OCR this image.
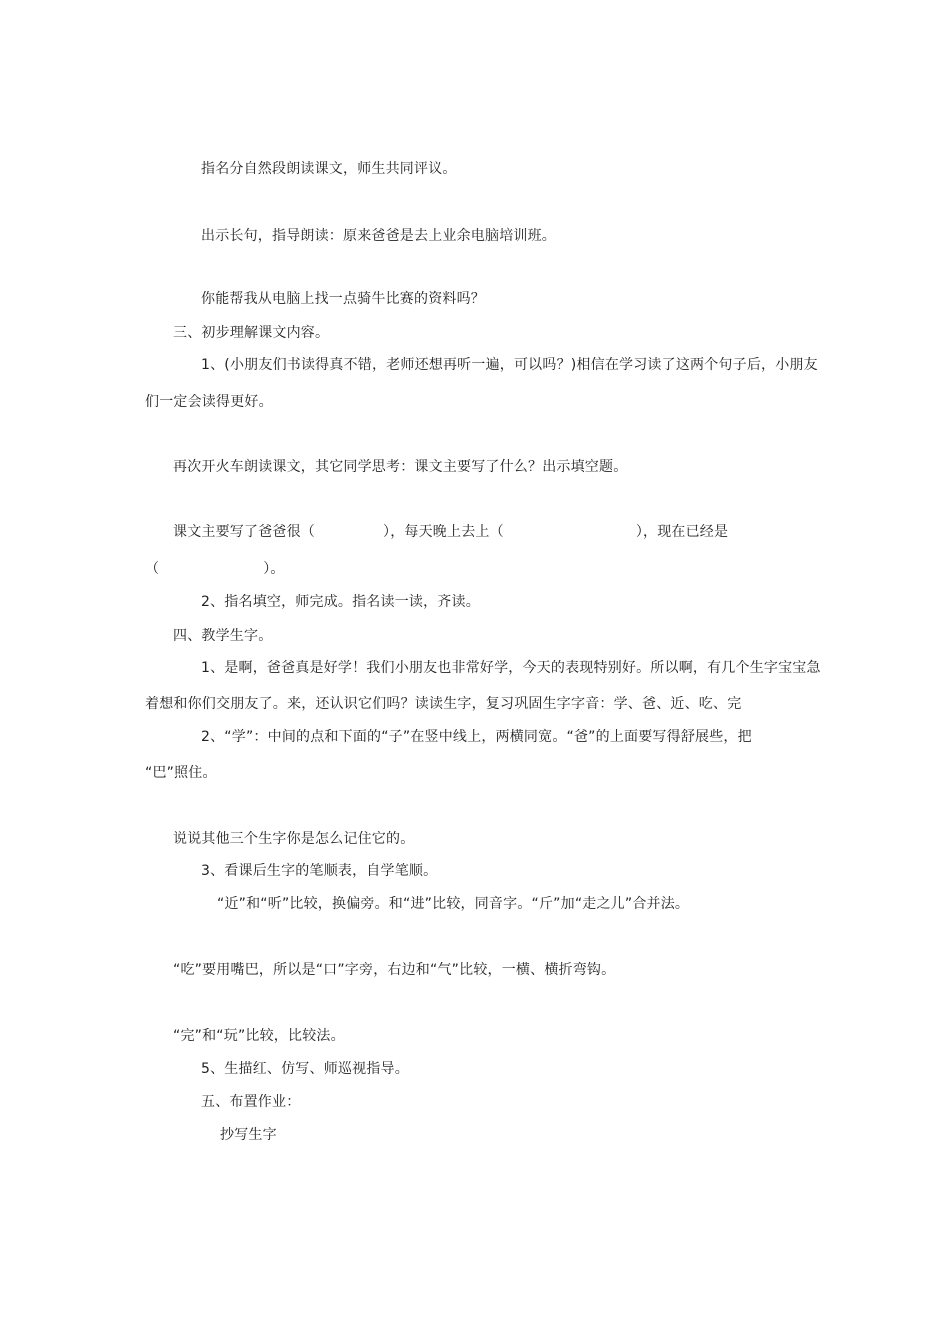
指名分自然段朗读课文，师生共同评议。
出示长句，指导朗读：原来爸爸是去上业余电脑培训班。
你能帮我从电脑上找一点骑牛比赛的资料吗？
三、初步理解课文内容。
1、(小朋友们书读得真不错，老师还想再听一遍，可以吗？)相信在学习读了这两个句子后，小朋友
们一定会读得更好。
再次开火车朗读课文，其它同学思考：课文主要写了什么？出示填空题。
课文主要写了爸爸很（	），每天晚上去上（	），现在已经是
（	）。
2、指名填空，师完成。指名读一读，齐读。
四、教学生字。
1、是啊，爸爸真是好学！我们小朋友也非常好学，今天的表现特别好。所以啊，有几个生字宝宝急
着想和你们交朋友了。来，还认识它们吗？读读生字，复习巩固生字字音：学、爸、近、吃、完
2、“学”：中间的点和下面的“子”在竖中线上，两横同宽。“爸”的上面要写得舒展些，把
“巴”照住。
说说其他三个生字你是怎么记住它的。
3、看课后生字的笔顺表，自学笔顺。
“近”和“听”比较，换偏旁。和“进”比较，同音字。“斤”加“走之儿”合并法。
“吃”要用嘴巴，所以是“口”字旁，右边和“气”比较，一横、横折弯钩。
“完”和“玩”比较，比较法。
5、生描红、仿写、师巡视指导。
五、布置作业：
抄写生字
